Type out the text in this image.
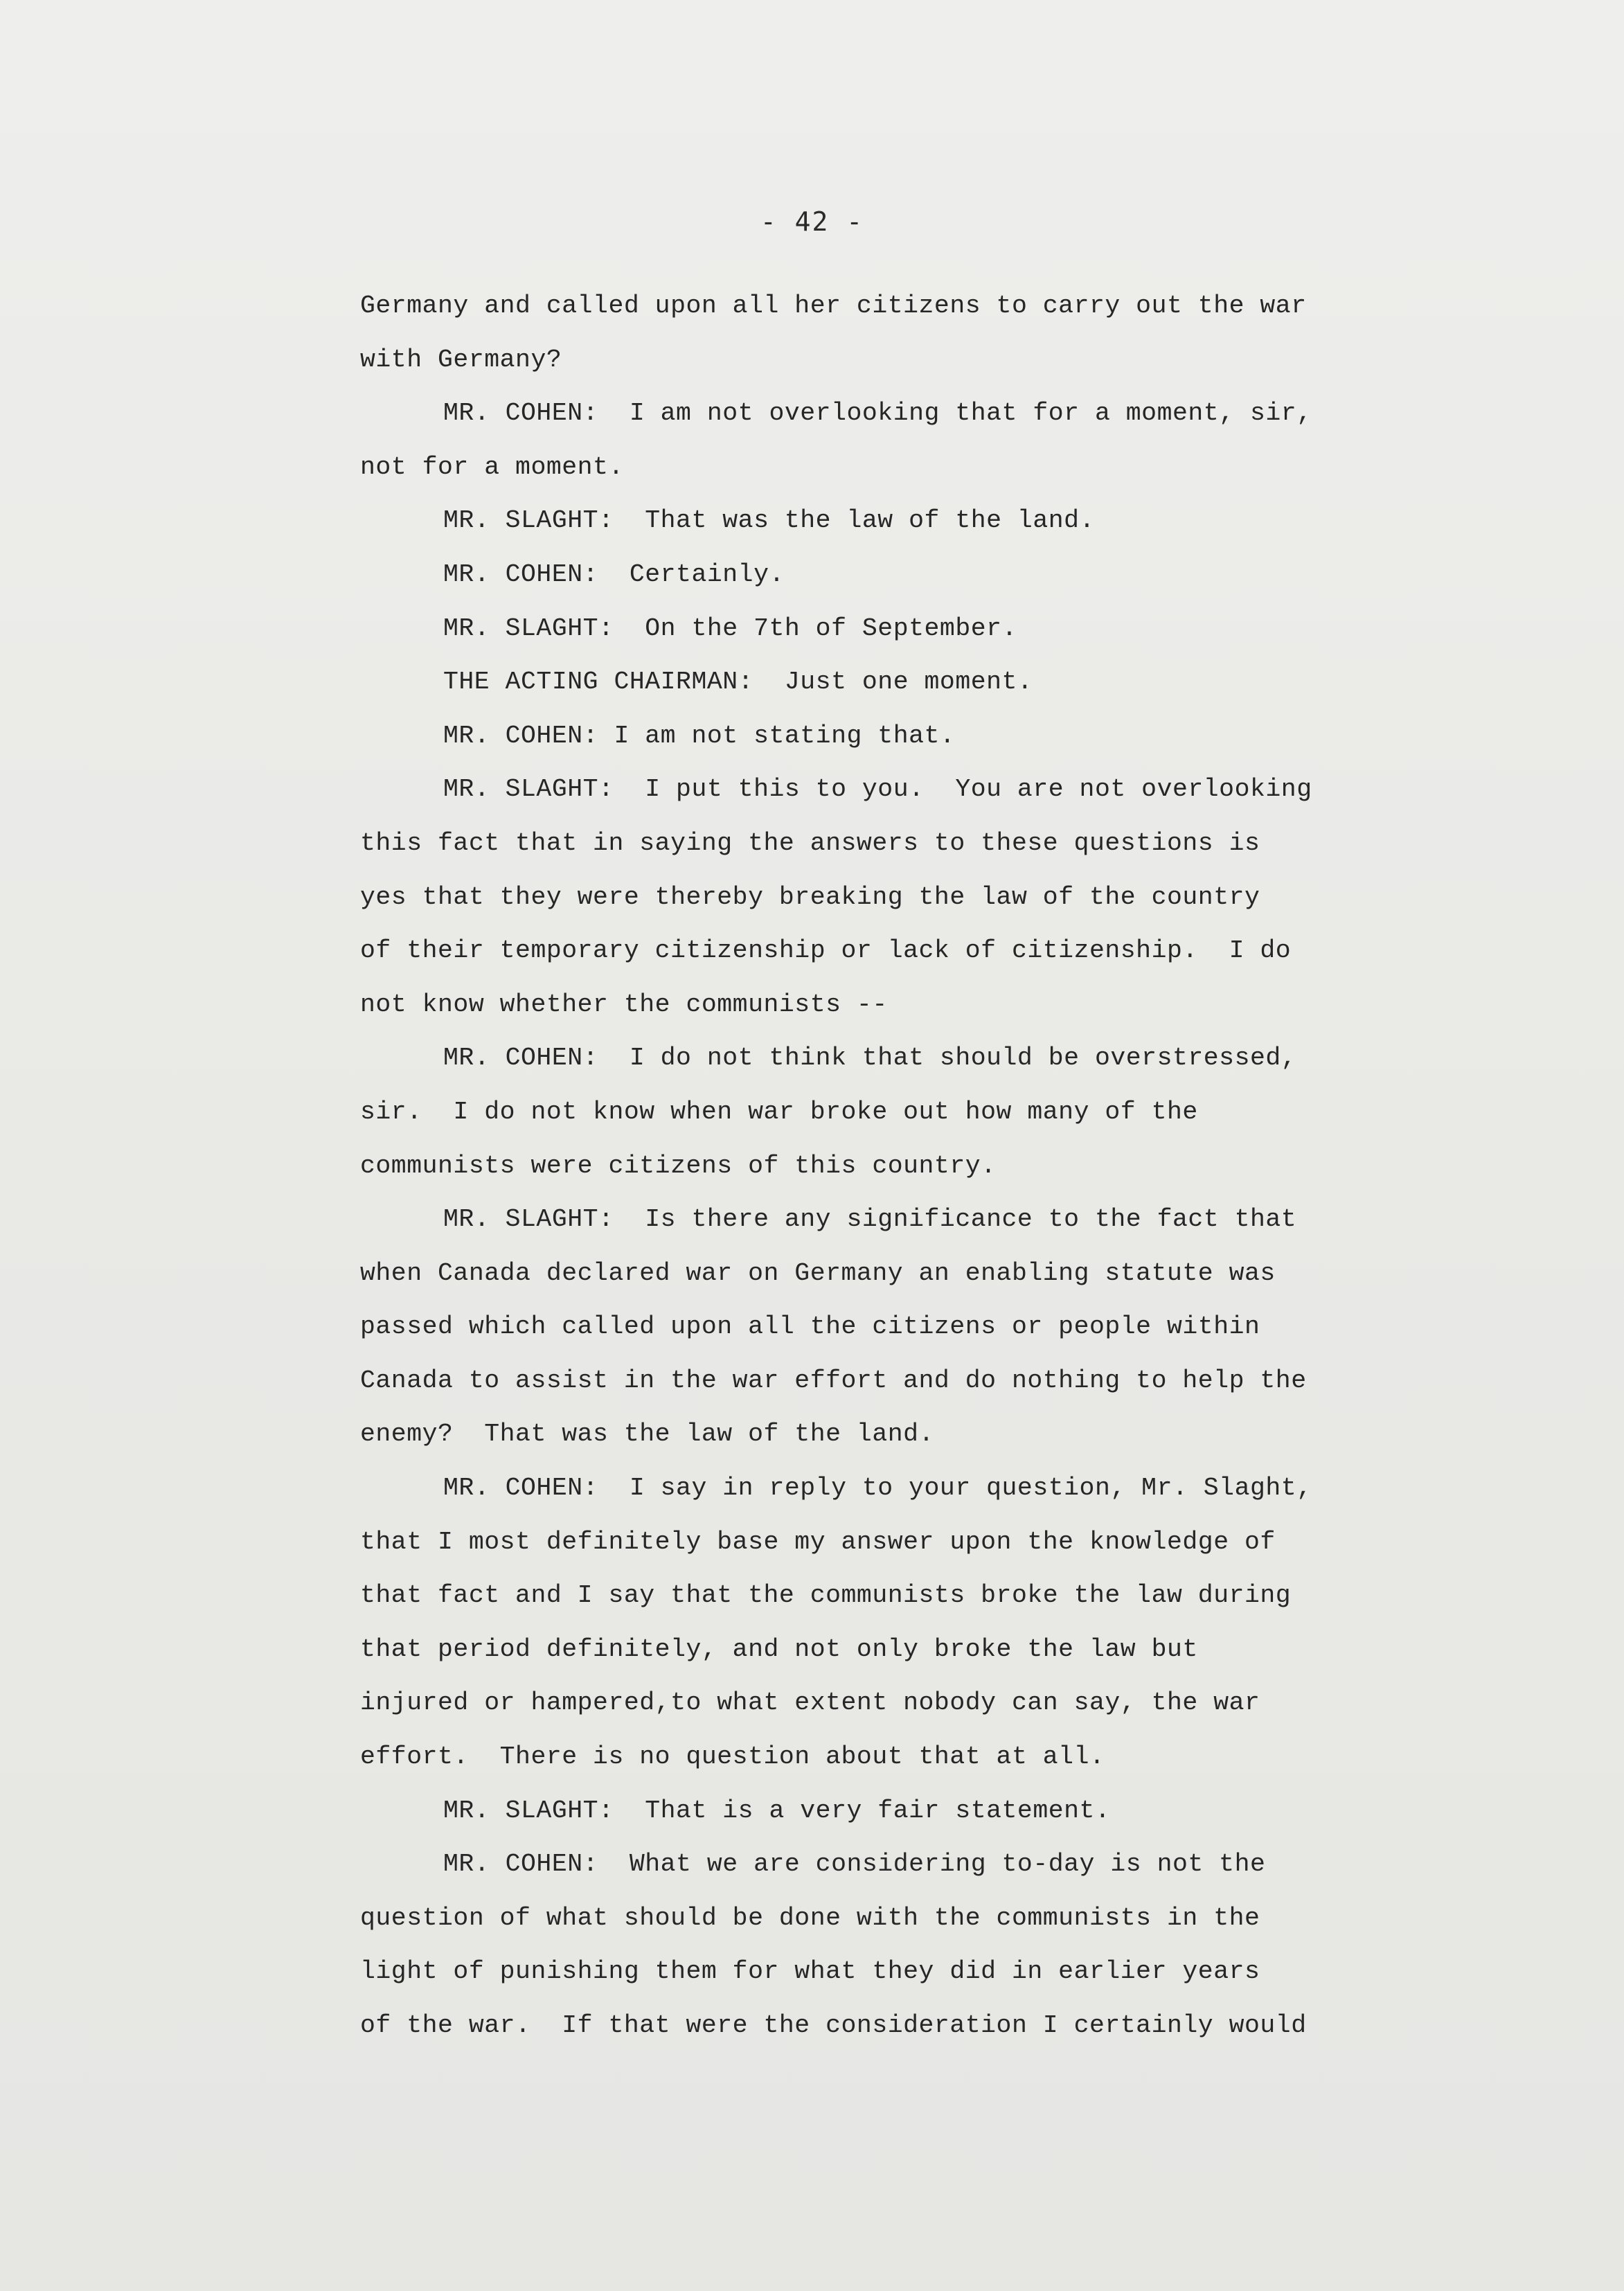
- 42 -
Germany and called upon all her citizens to carry out the war
with Germany?
MR. COHEN:  I am not overlooking that for a moment, sir,
not for a moment.
MR. SLAGHT:  That was the law of the land.
MR. COHEN:  Certainly.
MR. SLAGHT:  On the 7th of September.
THE ACTING CHAIRMAN:  Just one moment.
MR. COHEN: I am not stating that.
MR. SLAGHT:  I put this to you.  You are not overlooking
this fact that in saying the answers to these questions is
yes that they were thereby breaking the law of the country
of their temporary citizenship or lack of citizenship.  I do
not know whether the communists --
MR. COHEN:  I do not think that should be overstressed,
sir.  I do not know when war broke out how many of the
communists were citizens of this country.
MR. SLAGHT:  Is there any significance to the fact that
when Canada declared war on Germany an enabling statute was
passed which called upon all the citizens or people within
Canada to assist in the war effort and do nothing to help the
enemy?  That was the law of the land.
MR. COHEN:  I say in reply to your question, Mr. Slaght,
that I most definitely base my answer upon the knowledge of
that fact and I say that the communists broke the law during
that period definitely, and not only broke the law but
injured or hampered,to what extent nobody can say, the war
effort.  There is no question about that at all.
MR. SLAGHT:  That is a very fair statement.
MR. COHEN:  What we are considering to-day is not the
question of what should be done with the communists in the
light of punishing them for what they did in earlier years
of the war.  If that were the consideration I certainly would
